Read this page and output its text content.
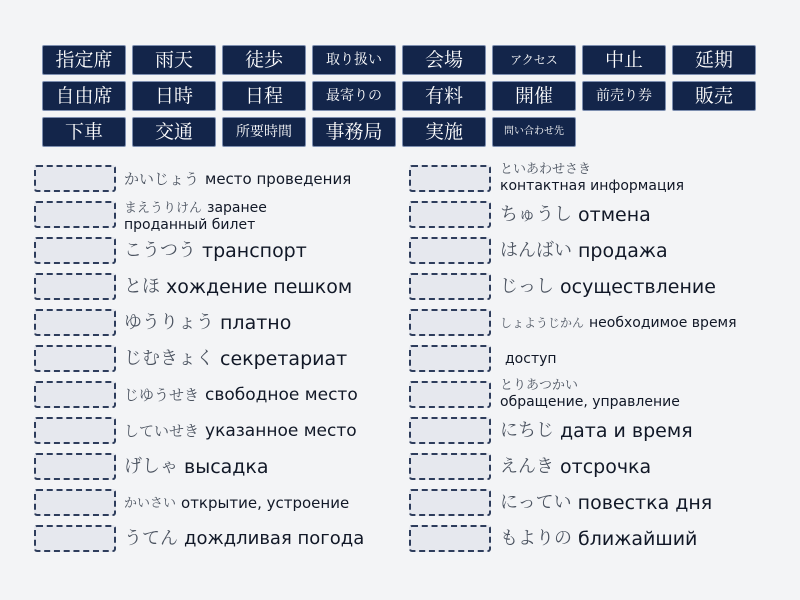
指定席	雨天	徒歩	取り扱い	会場	アクセス	中止	延期
自由席	日時	日程	最寄りの	有料	開催	前売り券	販売
下車	交通	所要時間	事務局	実施	問い合わせ先
かいじょう место проведения
まえうりけん заранее
проданный билет
こうつう транспорт
とほ хождение пешком
ゆうりょう платно
じむきょく секретариат
じゆうせき свободное место
していせき указанное место
げしゃ высадка
かいさい открытие, устроение
うてん дождливая погода
といあわせさき
контактная информация
ちゅうし отмена
はんばい продажа
じっし осуществление
しょようじかん необходимое время
доступ
とりあつかい
обращение, управление
にちじ дата и время
えんき отсрочка
にってい повестка дня
もよりの ближайший
